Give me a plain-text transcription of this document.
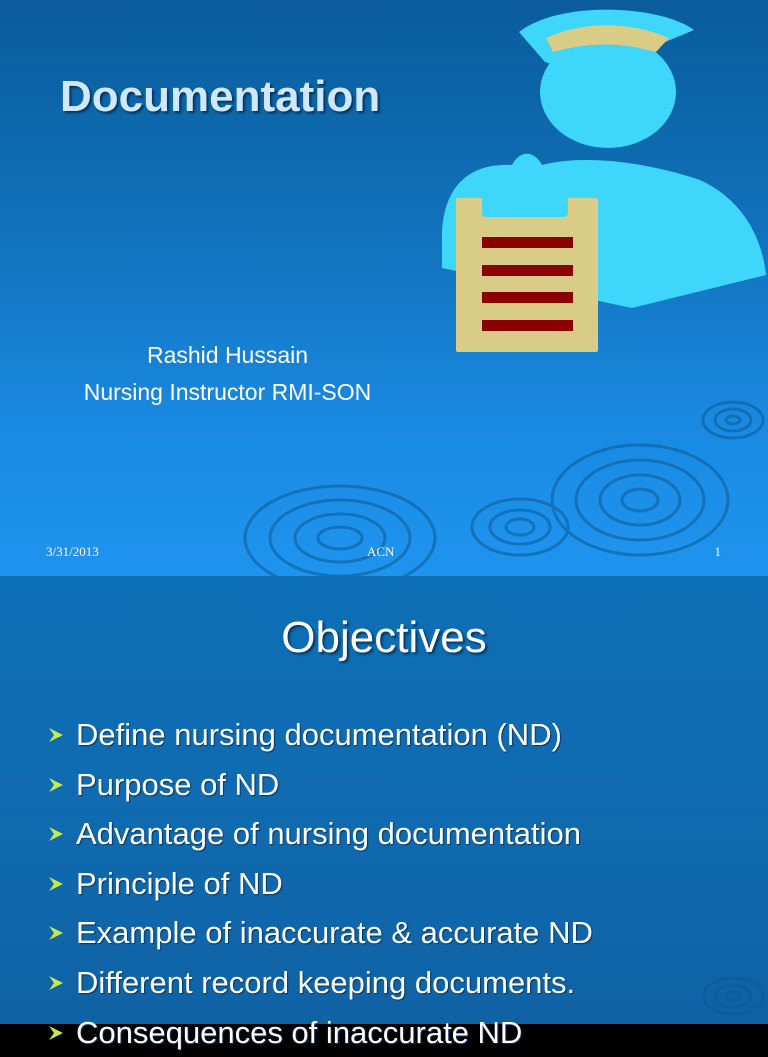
Documentation
Rashid Hussain
Nursing Instructor RMI-SON
3/31/2013	ACN	1
Objectives
Define nursing documentation (ND)
Purpose of ND
Advantage of nursing documentation
Principle of ND
Example of inaccurate & accurate ND
Different record keeping documents.
Consequences of inaccurate ND
